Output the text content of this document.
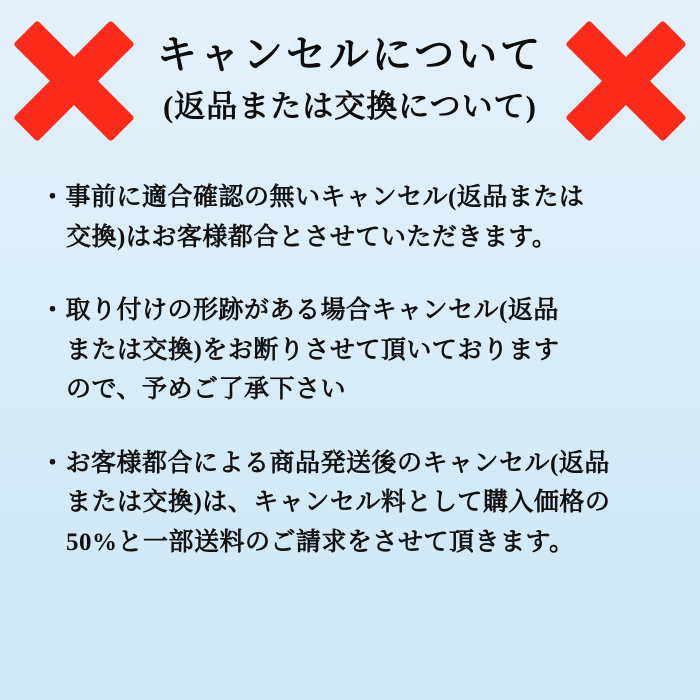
キャンセルについて
(返品または交換について)
・事前に適合確認の無いキャンセル(返品または
交換)はお客様都合とさせていただきます。
・取り付けの形跡がある場合キャンセル(返品
または交換)をお断りさせて頂いております
ので、予めご了承下さい
・お客様都合による商品発送後のキャンセル(返品
または交換)は、キャンセル料として購入価格の
50%と一部送料のご請求をさせて頂きます。
